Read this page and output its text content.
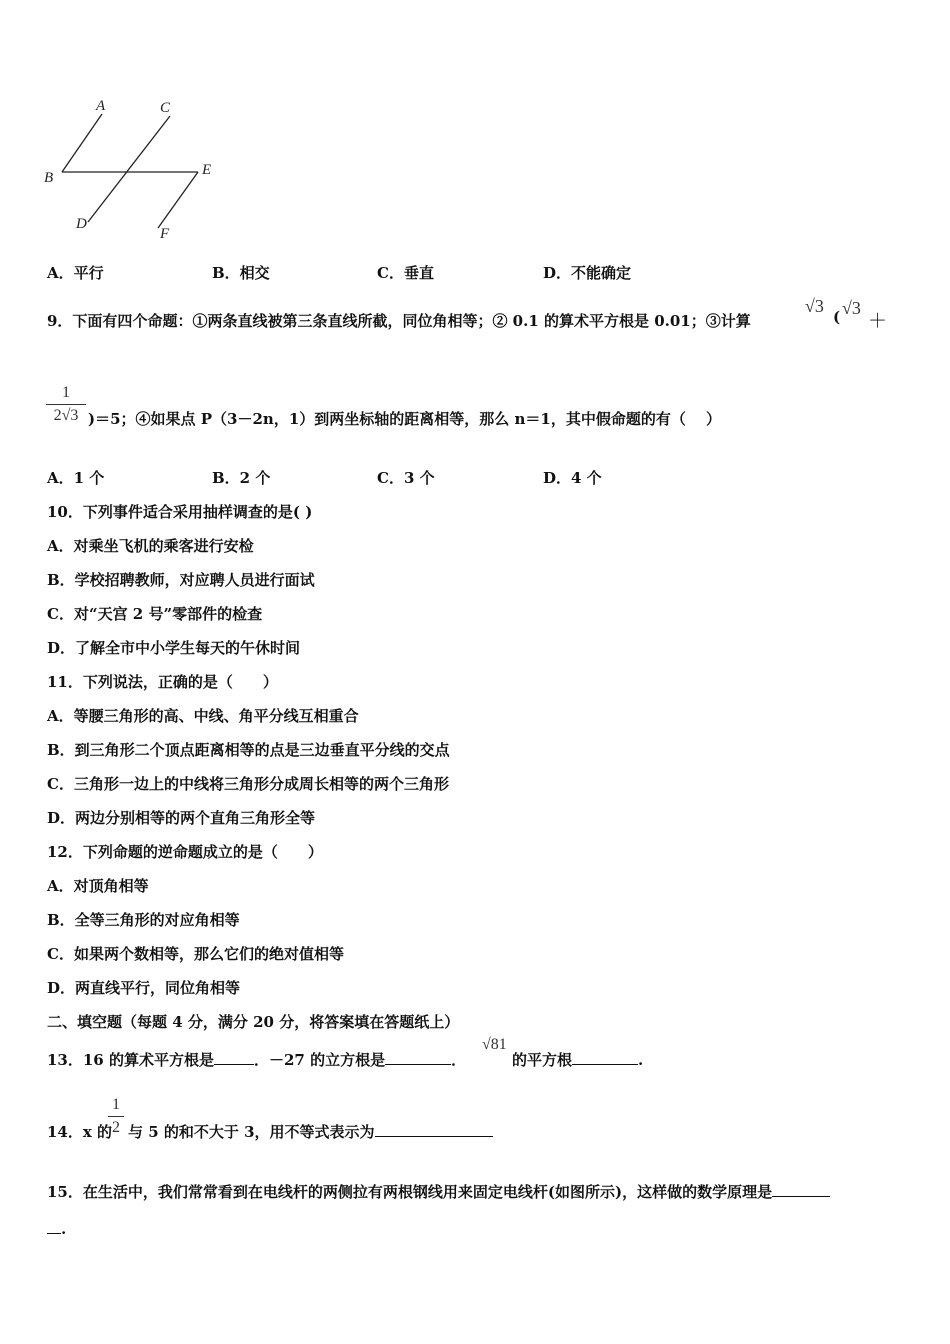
A	C
B	E
D
F
A．平行	B．相交	C．垂直	D．不能确定
9．下面有四个命题：①两条直线被第三条直线所截，同位角相等；② 0.1 的算术平方根是 0.01；③计算
√3
( √3
＋
1
2√3 )＝5；④如果点 P（3－2n，1）到两坐标轴的距离相等，那么 n＝1，其中假命题的有（　 ）
A．1 个	B．2 个	C．3 个	D．4 个
10．下列事件适合采用抽样调查的是( )
A．对乘坐飞机的乘客进行安检
B．学校招聘教师，对应聘人员进行面试
C．对“天宫 2 号”零部件的检查
D．了解全市中小学生每天的午休时间
11．下列说法，正确的是（　　）
A．等腰三角形的高、中线、角平分线互相重合
B．到三角形二个顶点距离相等的点是三边垂直平分线的交点
C．三角形一边上的中线将三角形分成周长相等的两个三角形
D．两边分别相等的两个直角三角形全等
12．下列命题的逆命题成立的是（　　）
A．对顶角相等
B．全等三角形的对应角相等
C．如果两个数相等，那么它们的绝对值相等
D．两直线平行，同位角相等
二、填空题（每题 4 分，满分 20 分，将答案填在答题纸上）
13．16 的算术平方根是	．－27 的立方根是	．
√81
的平方根	.
14．x 的
1
2 与 5 的和不大于 3，用不等式表示为
15．在生活中，我们常常看到在电线杆的两侧拉有两根钢线用来固定电线杆(如图所示)，这样做的数学原理是
.
